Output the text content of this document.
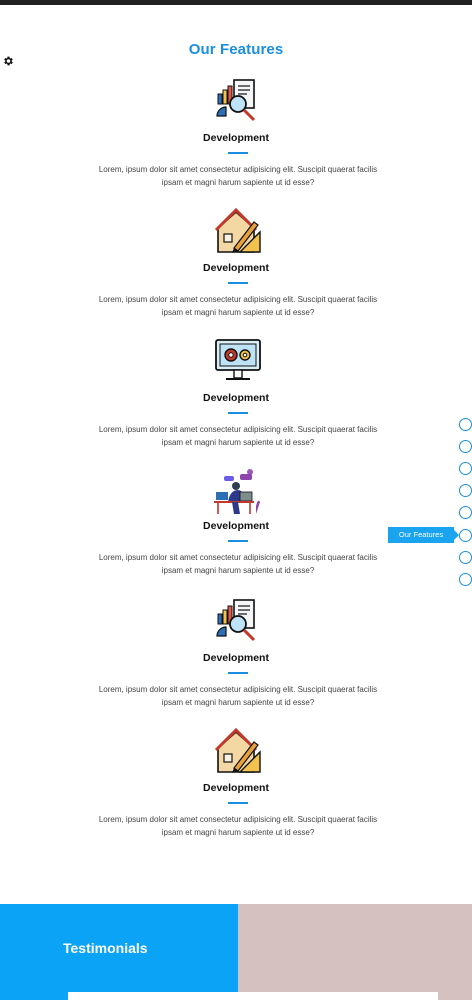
Our Features
Development

Lorem, ipsum dolor sit amet consectetur adipisicing elit. Suscipit quaerat facilis ipsam et magni harum sapiente ut id esse?

Development

Lorem, ipsum dolor sit amet consectetur adipisicing elit. Suscipit quaerat facilis ipsam et magni harum sapiente ut id esse?

Development

Lorem, ipsum dolor sit amet consectetur adipisicing elit. Suscipit quaerat facilis ipsam et magni harum sapiente ut id esse?

Development

Lorem, ipsum dolor sit amet consectetur adipisicing elit. Suscipit quaerat facilis ipsam et magni harum sapiente ut id esse?

Development

Lorem, ipsum dolor sit amet consectetur adipisicing elit. Suscipit quaerat facilis ipsam et magni harum sapiente ut id esse?

Development

Lorem, ipsum dolor sit amet consectetur adipisicing elit. Suscipit quaerat facilis ipsam et magni harum sapiente ut id esse?

Our Features
Testimonials
